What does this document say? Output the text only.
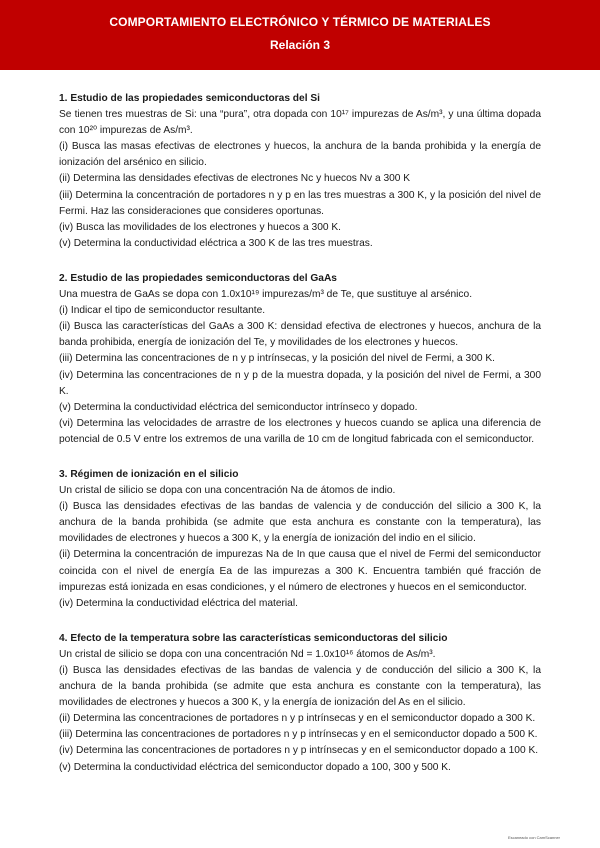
COMPORTAMIENTO ELECTRÓNICO Y TÉRMICO DE MATERIALES
Relación 3
1. Estudio de las propiedades semiconductoras del Si

Se tienen tres muestras de Si: una “pura”, otra dopada con 10¹⁷ impurezas de As/m³, y una última dopada con 10²⁰ impurezas de As/m³.

(i) Busca las masas efectivas de electrones y huecos, la anchura de la banda prohibida y la energía de ionización del arsénico en silicio.

(ii) Determina las densidades efectivas de electrones Nc y huecos Nv a 300 K

(iii) Determina la concentración de portadores n y p en las tres muestras a 300 K, y la posición del nivel de Fermi. Haz las consideraciones que consideres oportunas.

(iv) Busca las movilidades de los electrones y huecos a 300 K.

(v) Determina la conductividad eléctrica a 300 K de las tres muestras.

2. Estudio de las propiedades semiconductoras del GaAs

Una muestra de GaAs se dopa con 1.0x10¹⁹ impurezas/m³ de Te, que sustituye al arsénico.

(i) Indicar el tipo de semiconductor resultante.

(ii) Busca las características del GaAs a 300 K: densidad efectiva de electrones y huecos, anchura de la banda prohibida, energía de ionización del Te, y movilidades de los electrones y huecos.

(iii) Determina las concentraciones de n y p intrínsecas, y la posición del nivel de Fermi, a 300 K.

(iv) Determina las concentraciones de n y p de la muestra dopada, y la posición del nivel de Fermi, a 300 K.

(v) Determina la conductividad eléctrica del semiconductor intrínseco y dopado.

(vi) Determina las velocidades de arrastre de los electrones y huecos cuando se aplica una diferencia de potencial de 0.5 V entre los extremos de una varilla de 10 cm de longitud fabricada con el semiconductor.

3. Régimen de ionización en el silicio

Un cristal de silicio se dopa con una concentración Na de átomos de indio.

(i) Busca las densidades efectivas de las bandas de valencia y de conducción del silicio a 300 K, la anchura de la banda prohibida (se admite que esta anchura es constante con la temperatura), las movilidades de electrones y huecos a 300 K, y la energía de ionización del indio en el silicio.

(ii) Determina la concentración de impurezas Na de In que causa que el nivel de Fermi del semiconductor coincida con el nivel de energía Ea de las impurezas a 300 K. Encuentra también qué fracción de impurezas está ionizada en esas condiciones, y el número de electrones y huecos en el semiconductor.

(iv) Determina la conductividad eléctrica del material.

4. Efecto de la temperatura sobre las características semiconductoras del silicio

Un cristal de silicio se dopa con una concentración Nd = 1.0x10¹⁶ átomos de As/m³.

(i) Busca las densidades efectivas de las bandas de valencia y de conducción del silicio a 300 K, la anchura de la banda prohibida (se admite que esta anchura es constante con la temperatura), las movilidades de electrones y huecos a 300 K, y la energía de ionización del As en el silicio.

(ii) Determina las concentraciones de portadores n y p intrínsecas y en el semiconductor dopado a 300 K.

(iii) Determina las concentraciones de portadores n y p intrínsecas y en el semiconductor dopado a 500 K.

(iv) Determina las concentraciones de portadores n y p intrínsecas y en el semiconductor dopado a 100 K.

(v) Determina la conductividad eléctrica del semiconductor dopado a 100, 300 y 500 K.

Escaneado con CamScanner
